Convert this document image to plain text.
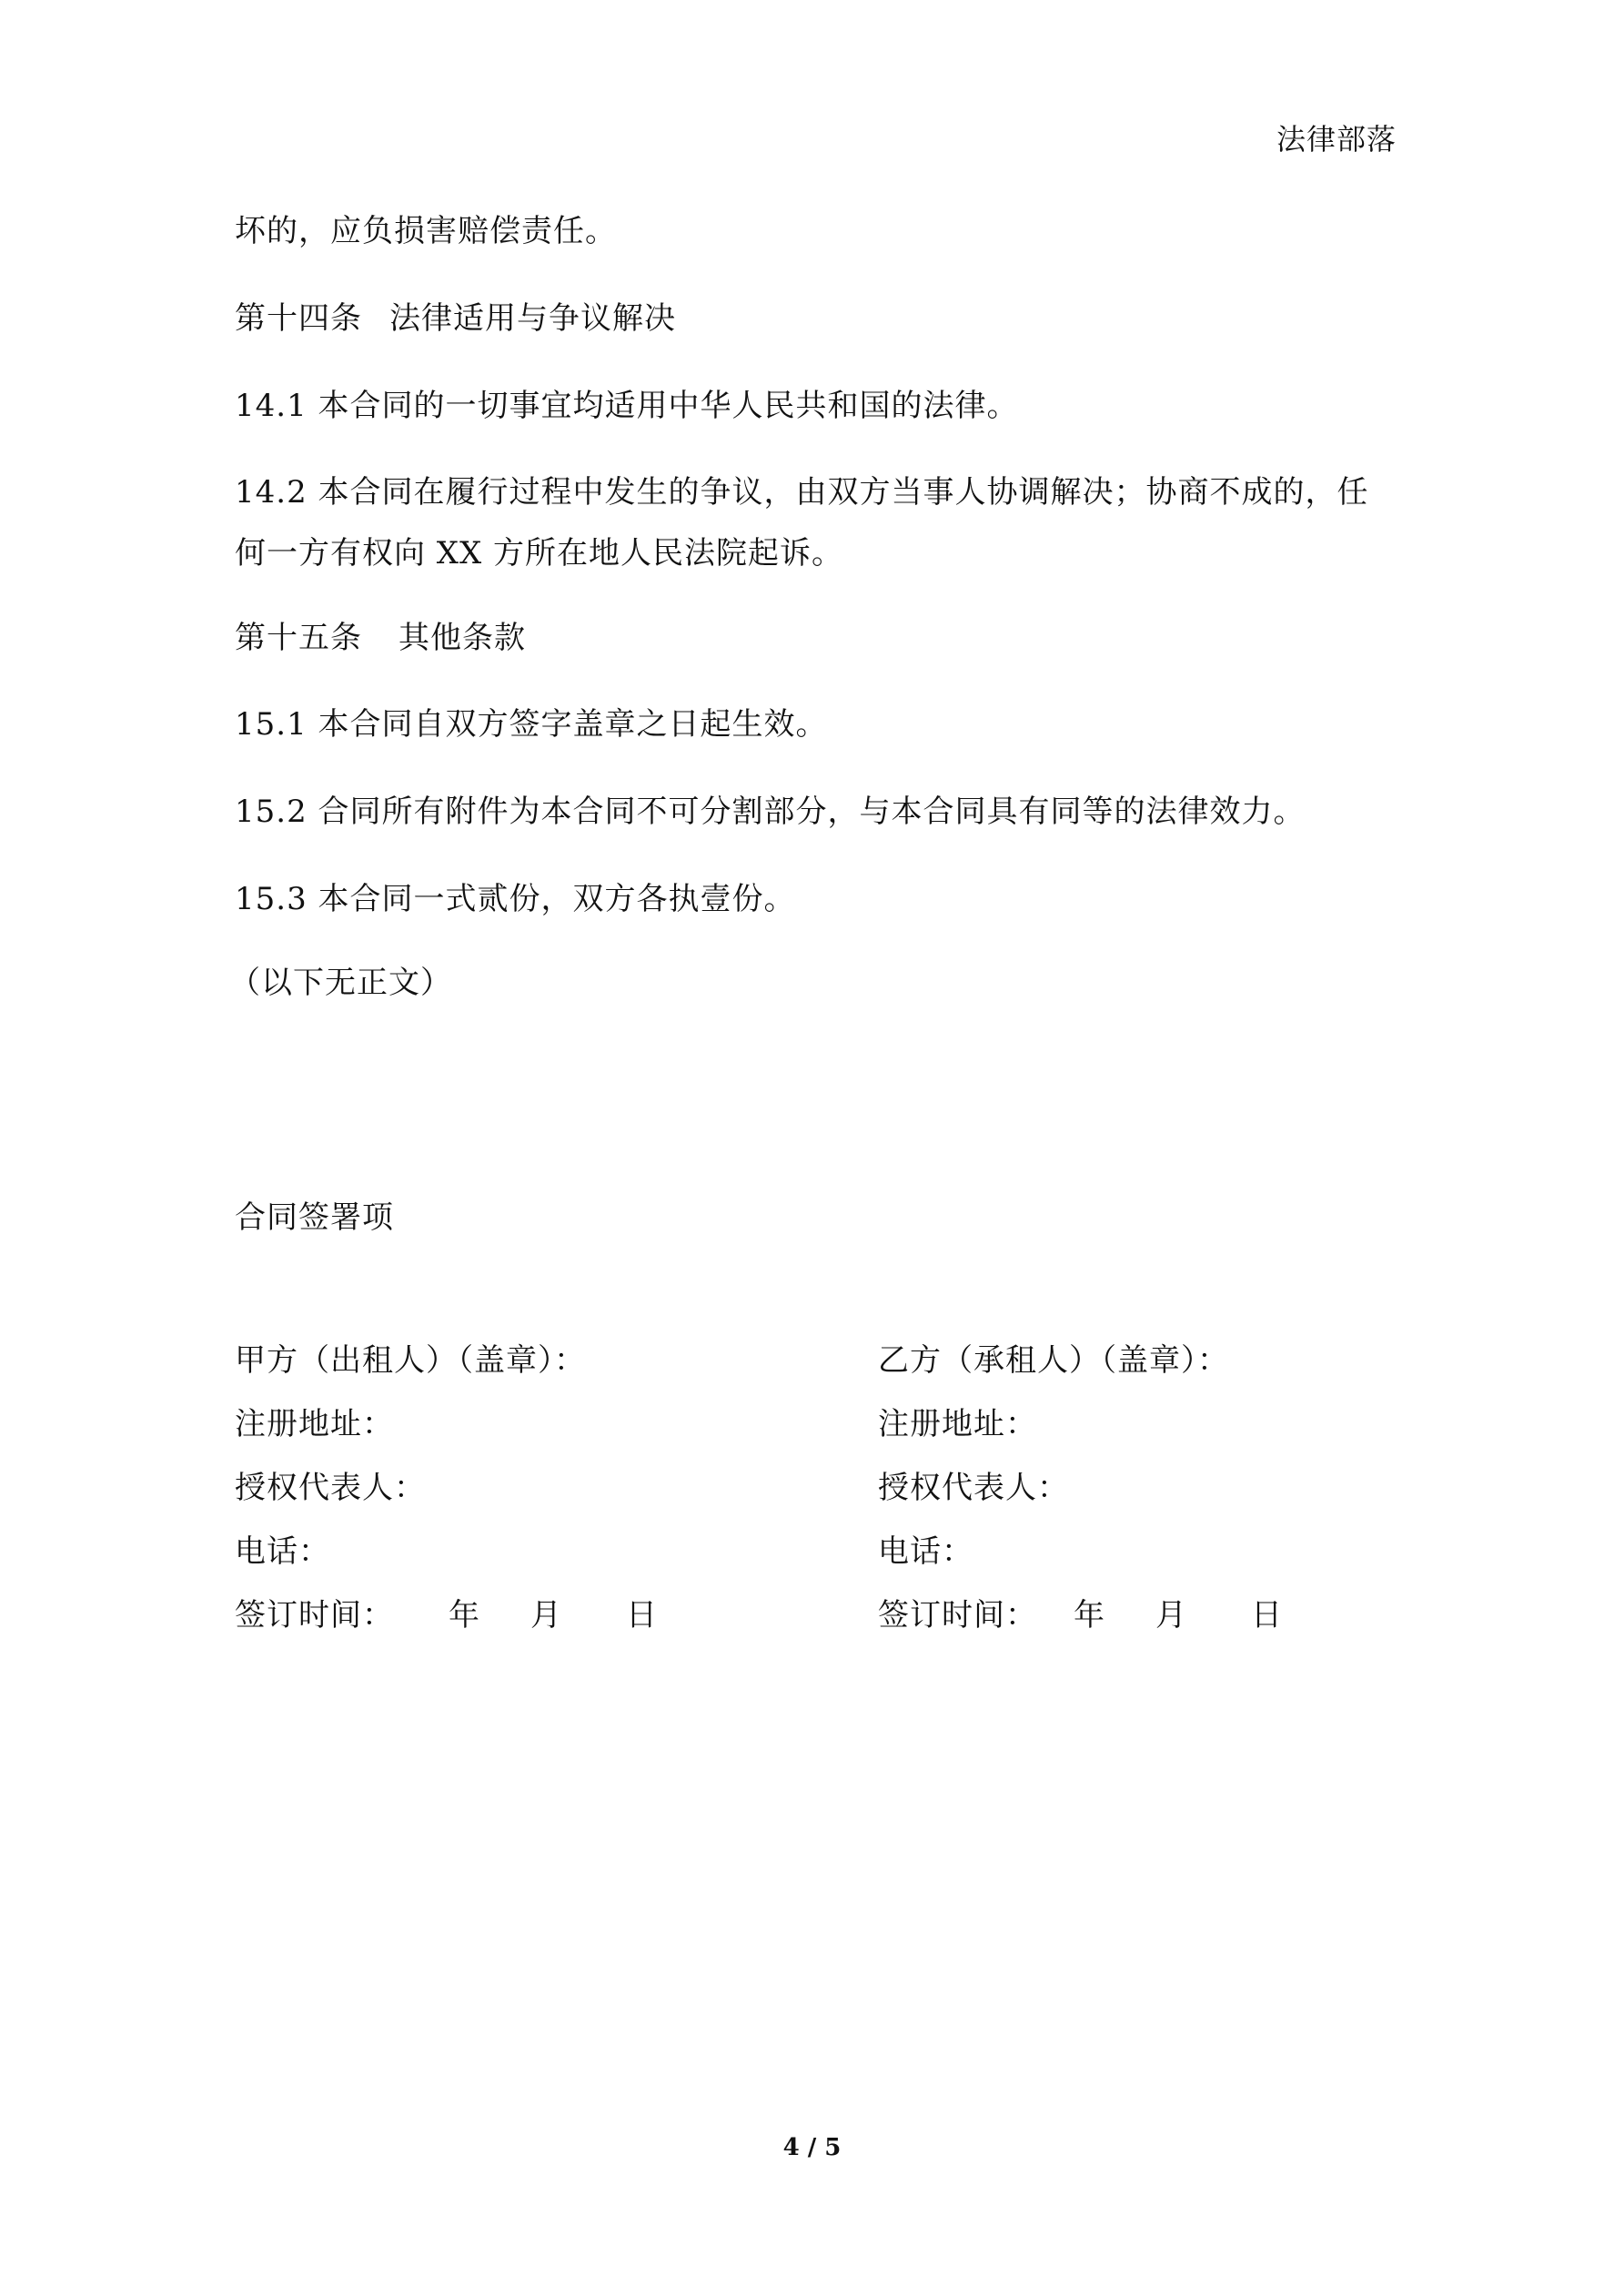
法律部落
坏的，应负损害赔偿责任。
第十四条 法律适用与争议解决
14.1 本合同的一切事宜均适用中华人民共和国的法律。
14.2 本合同在履行过程中发生的争议，由双方当事人协调解决；协商不成的，任
何一方有权向 XX 方所在地人民法院起诉。
第十五条 其他条款
15.1 本合同自双方签字盖章之日起生效。
15.2 合同所有附件为本合同不可分割部分，与本合同具有同等的法律效力。
15.3 本合同一式贰份，双方各执壹份。
（以下无正文）
合同签署项
甲方（出租人）（盖章）：
注册地址：
授权代表人：
电话：
签订时间： 年 月 日
乙方（承租人）（盖章）：
注册地址：
授权代表人：
电话：
签订时间： 年 月 日
4 / 5
